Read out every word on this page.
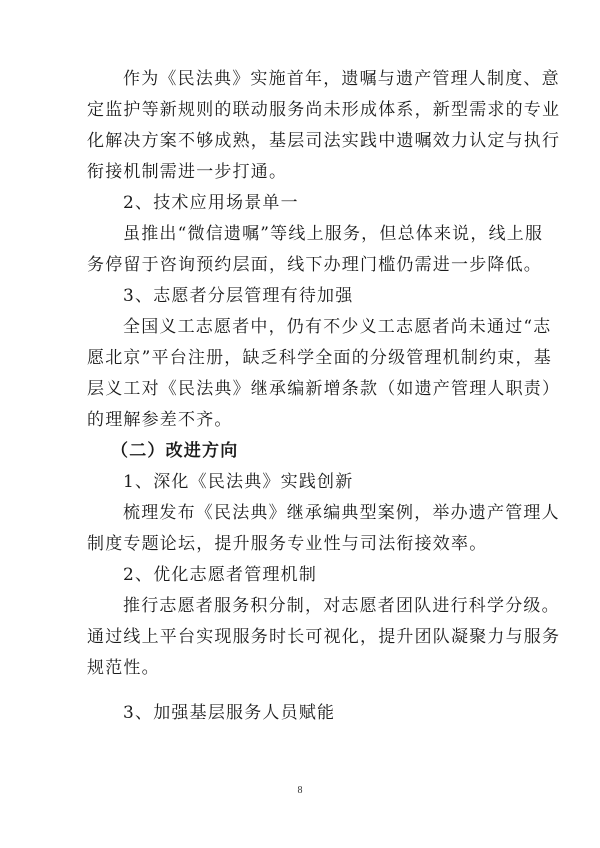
作为《民法典》实施首年，遗嘱与遗产管理人制度、意
定监护等新规则的联动服务尚未形成体系，新型需求的专业
化解决方案不够成熟，基层司法实践中遗嘱效力认定与执行
衔接机制需进一步打通。
2、技术应用场景单一
虽推出“微信遗嘱”等线上服务，但总体来说，线上服
务停留于咨询预约层面，线下办理门槛仍需进一步降低。
3、志愿者分层管理有待加强
全国义工志愿者中，仍有不少义工志愿者尚未通过“志
愿北京”平台注册，缺乏科学全面的分级管理机制约束，基
层义工对《民法典》继承编新增条款（如遗产管理人职责）
的理解参差不齐。
（二）改进方向
1、深化《民法典》实践创新
梳理发布《民法典》继承编典型案例，举办遗产管理人
制度专题论坛，提升服务专业性与司法衔接效率。
2、优化志愿者管理机制
推行志愿者服务积分制，对志愿者团队进行科学分级。
通过线上平台实现服务时长可视化，提升团队凝聚力与服务
规范性。
3、加强基层服务人员赋能
8
